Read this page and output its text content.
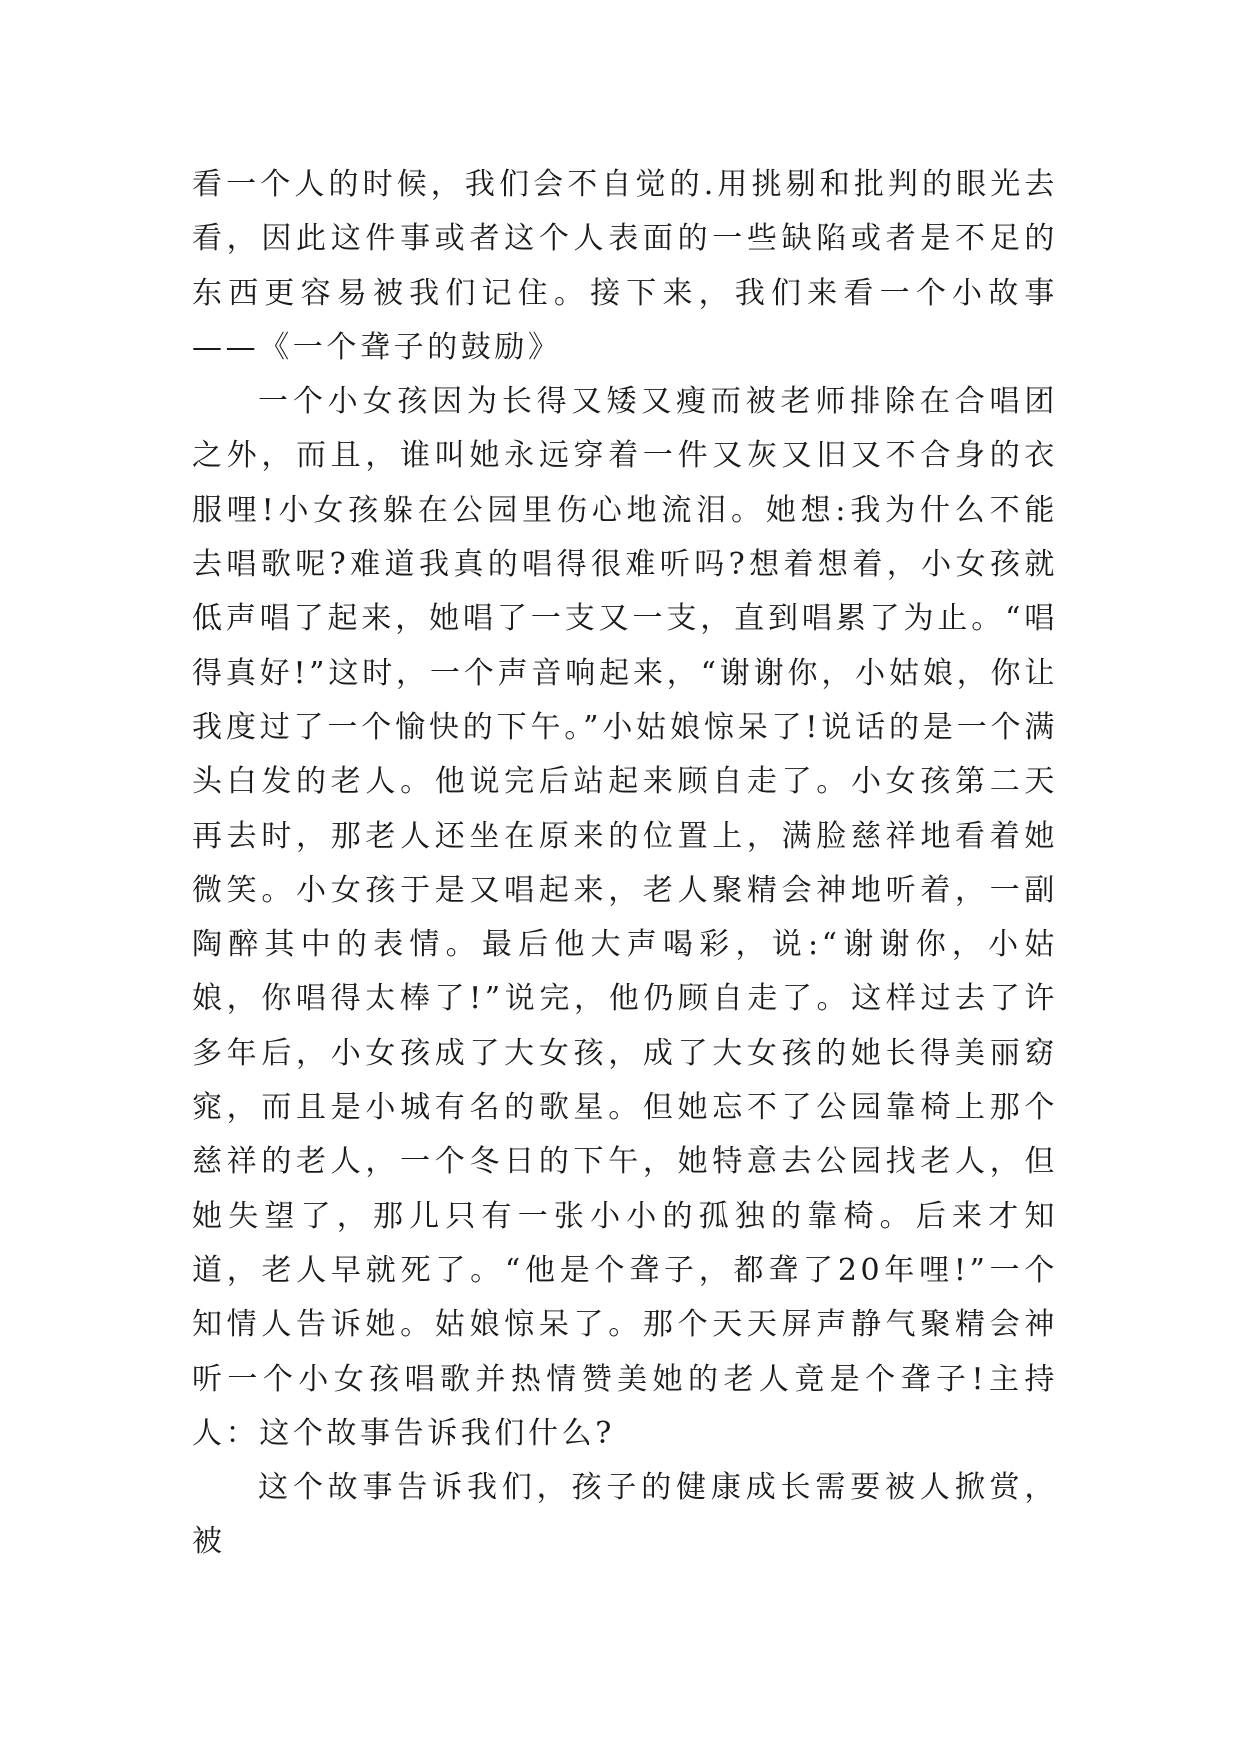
看一个人的时候，我们会不自觉的.用挑剔和批判的眼光去看，因此这件事或者这个人表面的一些缺陷或者是不足的东西更容易被我们记住。接下来，我们来看一个小故事——《一个聋子的鼓励》

一个小女孩因为长得又矮又瘦而被老师排除在合唱团之外，而且，谁叫她永远穿着一件又灰又旧又不合身的衣服哩!小女孩躲在公园里伤心地流泪。她想:我为什么不能去唱歌呢?难道我真的唱得很难听吗?想着想着，小女孩就低声唱了起来，她唱了一支又一支，直到唱累了为止。“唱得真好!”这时，一个声音响起来，“谢谢你，小姑娘，你让我度过了一个愉快的下午。”小姑娘惊呆了!说话的是一个满头白发的老人。他说完后站起来顾自走了。小女孩第二天再去时，那老人还坐在原来的位置上，满脸慈祥地看着她微笑。小女孩于是又唱起来，老人聚精会神地听着，一副陶醉其中的表情。最后他大声喝彩，说:“谢谢你，小姑娘，你唱得太棒了!”说完，他仍顾自走了。这样过去了许多年后，小女孩成了大女孩，成了大女孩的她长得美丽窈窕，而且是小城有名的歌星。但她忘不了公园靠椅上那个慈祥的老人，一个冬日的下午，她特意去公园找老人，但她失望了，那儿只有一张小小的孤独的靠椅。后来才知道，老人早就死了。“他是个聋子，都聋了20年哩!”一个知情人告诉她。姑娘惊呆了。那个天天屏声静气聚精会神听一个小女孩唱歌并热情赞美她的老人竟是个聋子!主持人：这个故事告诉我们什么?

这个故事告诉我们，孩子的健康成长需要被人掀赏，被
